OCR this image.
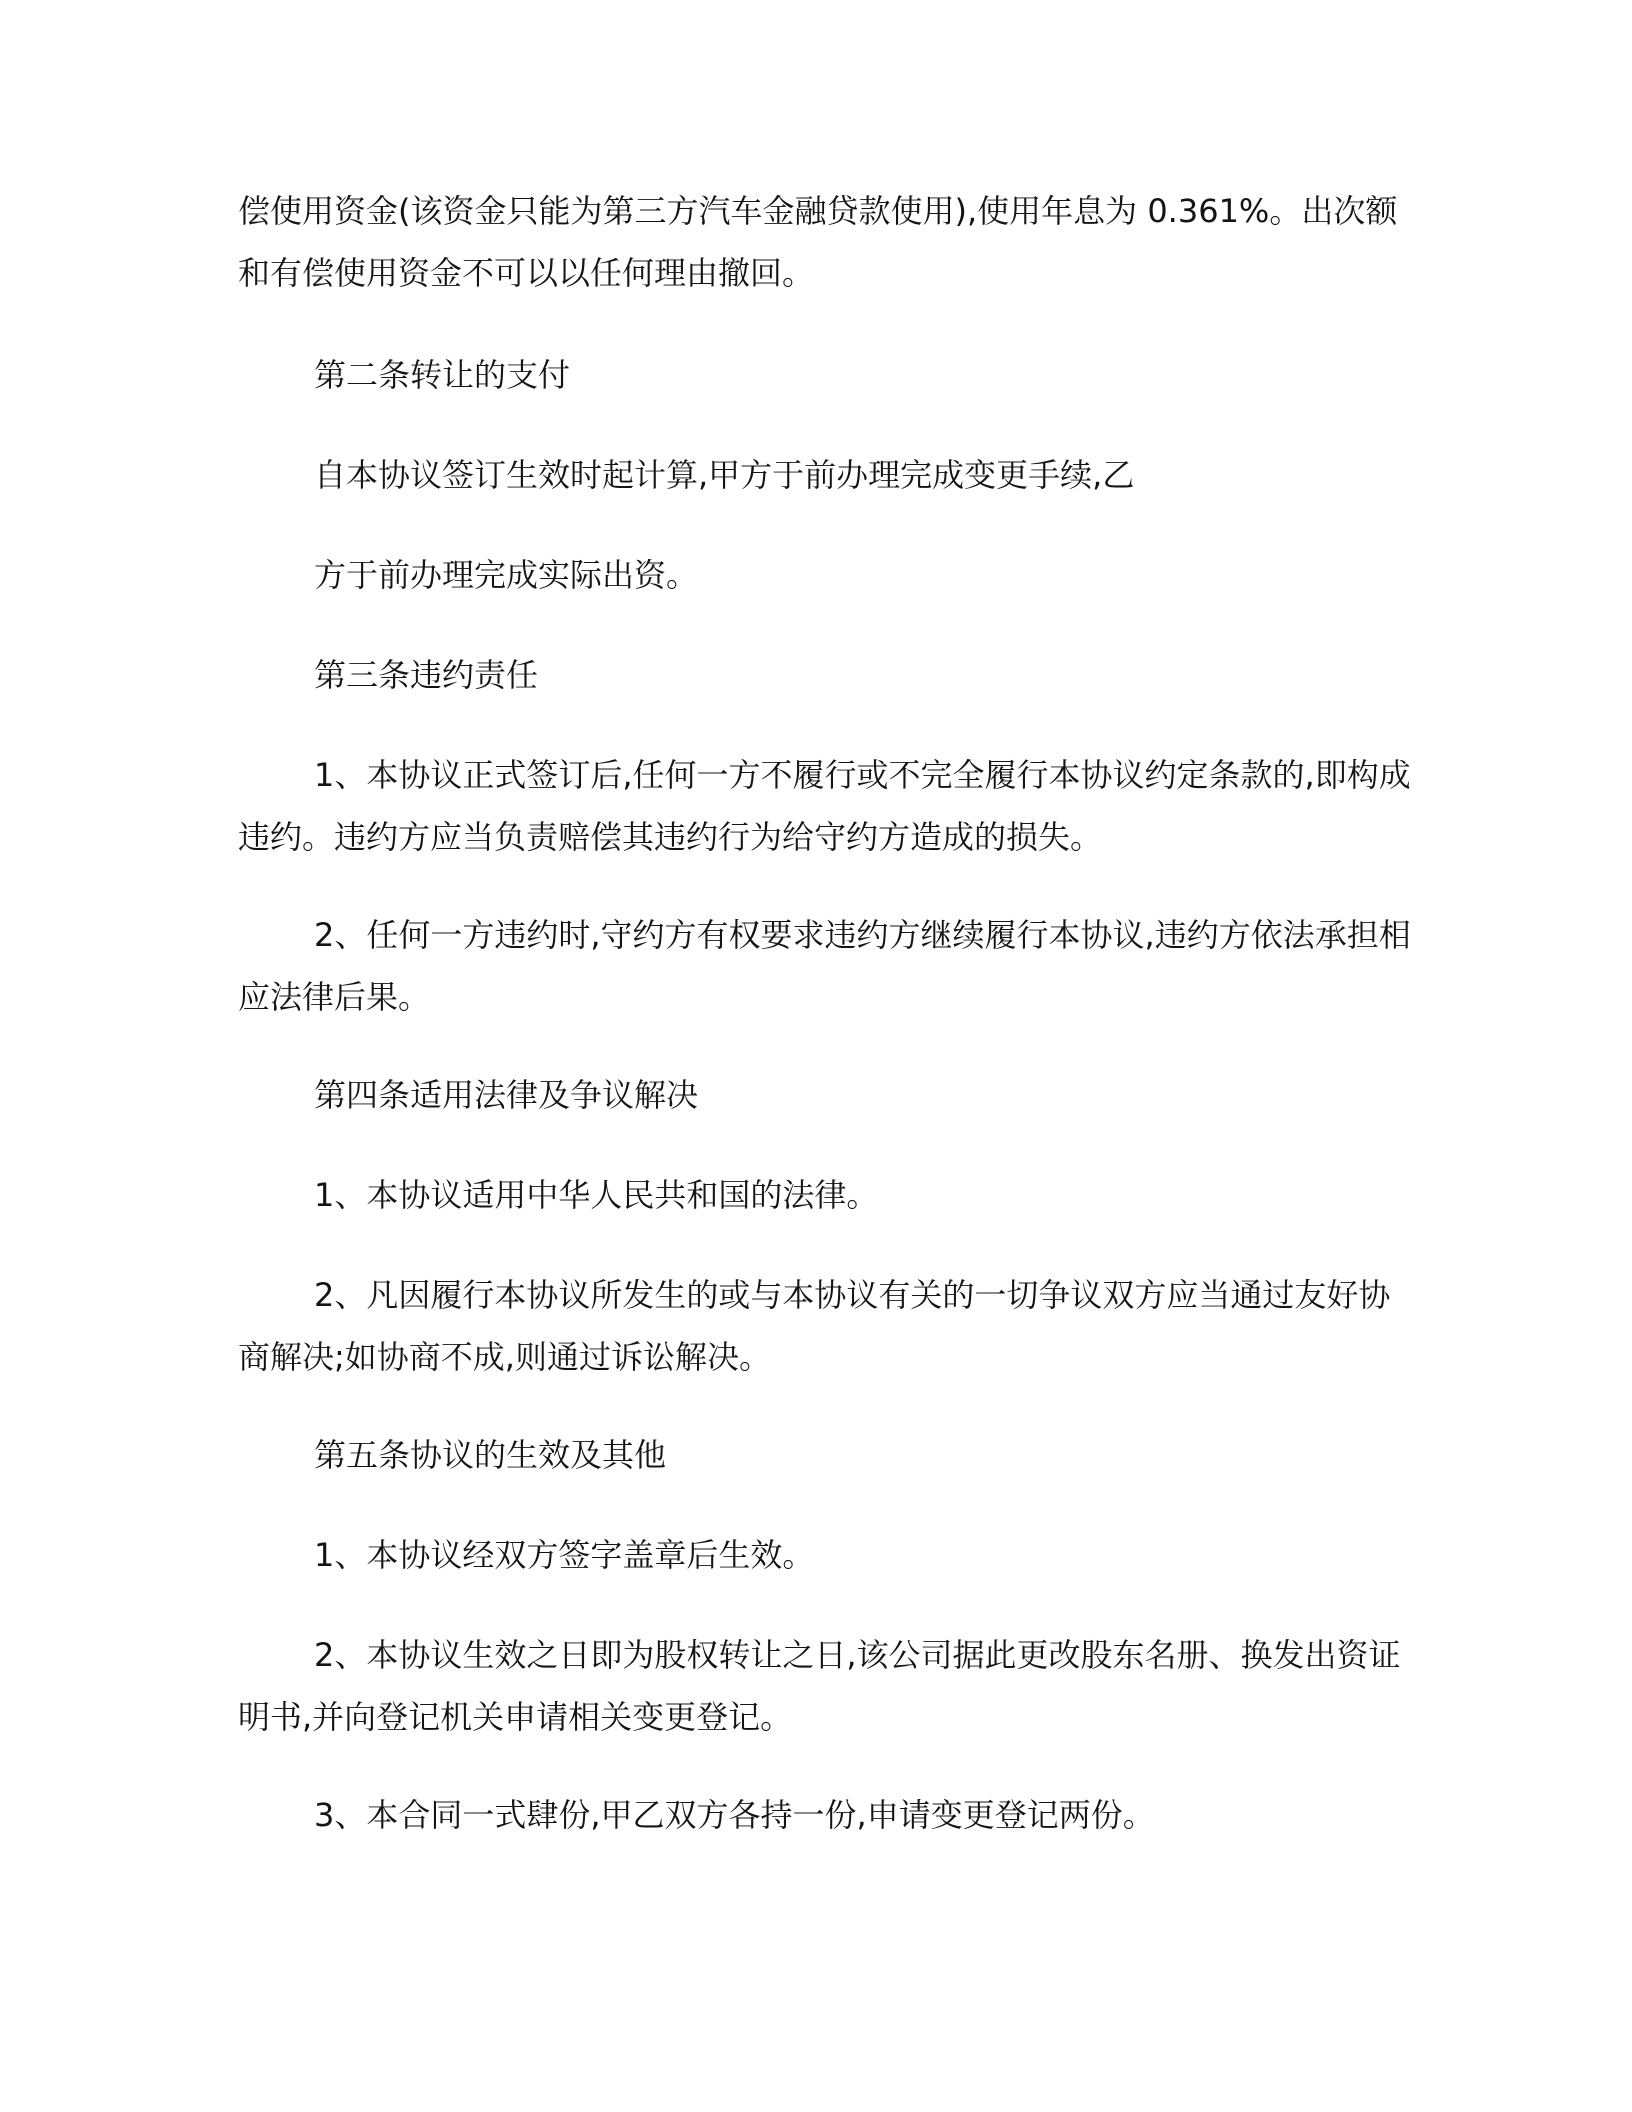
偿使用资金(该资金只能为第三方汽车金融贷款使用),使用年息为 0.361%。出次额和有偿使用资金不可以以任何理由撤回。

第二条转让的支付

自本协议签订生效时起计算,甲方于前办理完成变更手续,乙

方于前办理完成实际出资。

第三条违约责任

1、本协议正式签订后,任何一方不履行或不完全履行本协议约定条款的,即构成违约。违约方应当负责赔偿其违约行为给守约方造成的损失。

2、任何一方违约时,守约方有权要求违约方继续履行本协议,违约方依法承担相应法律后果。

第四条适用法律及争议解决

1、本协议适用中华人民共和国的法律。

2、凡因履行本协议所发生的或与本协议有关的一切争议双方应当通过友好协商解决;如协商不成,则通过诉讼解决。

第五条协议的生效及其他

1、本协议经双方签字盖章后生效。

2、本协议生效之日即为股权转让之日,该公司据此更改股东名册、换发出资证明书,并向登记机关申请相关变更登记。

3、本合同一式肆份,甲乙双方各持一份,申请变更登记两份。
